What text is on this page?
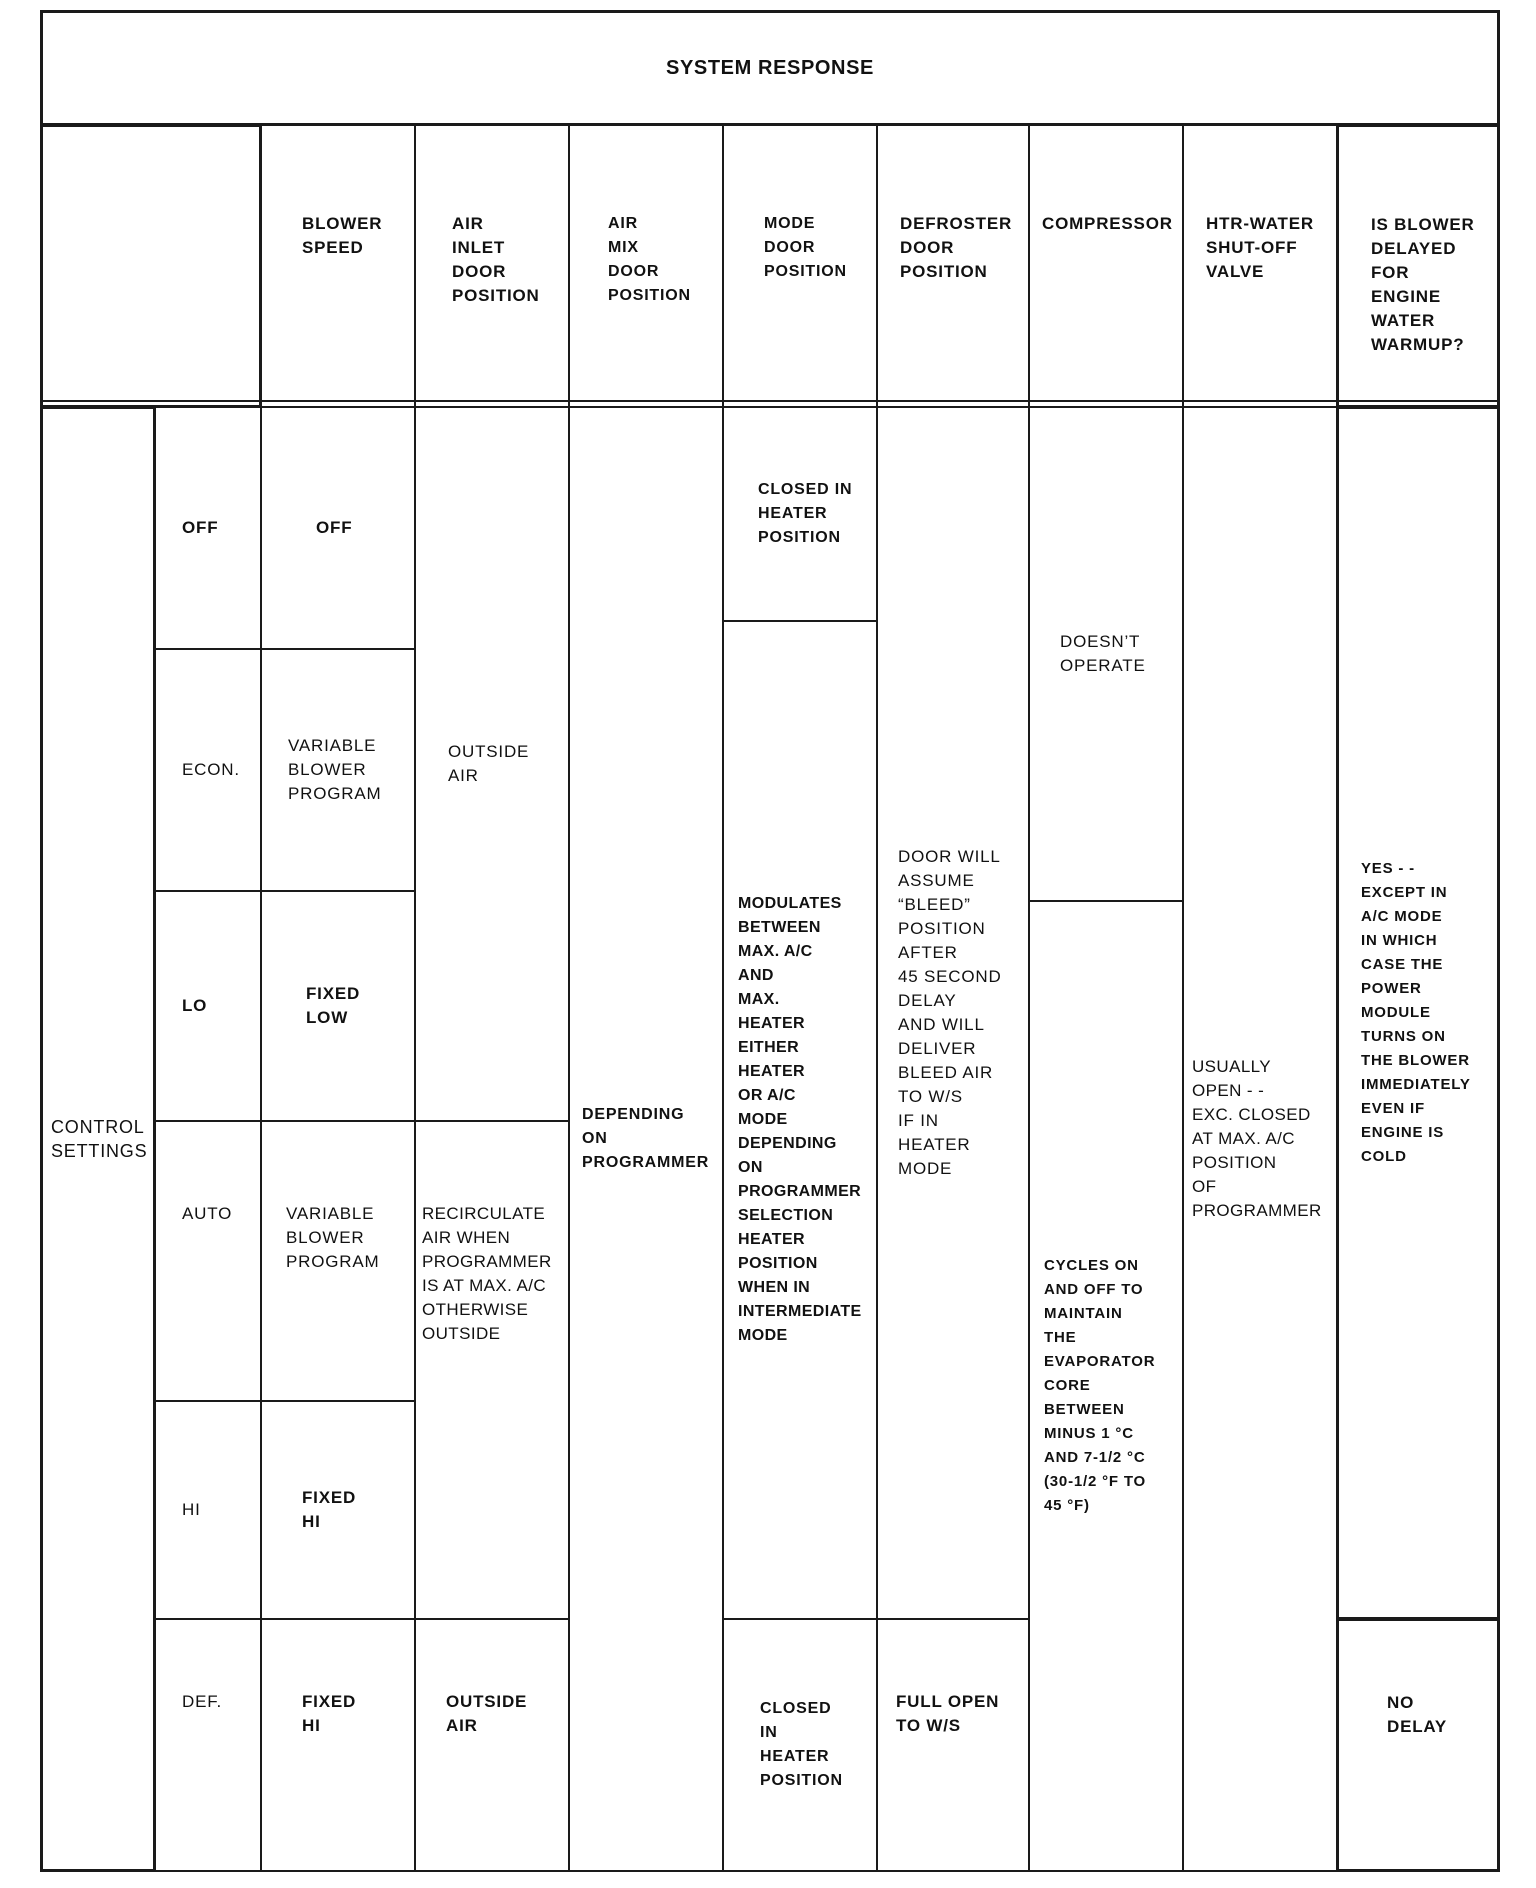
SYSTEM RESPONSE
BLOWER
SPEED
AIR
INLET
DOOR
POSITION
AIR
MIX
DOOR
POSITION
MODE
DOOR
POSITION
DEFROSTER
DOOR
POSITION
COMPRESSOR	HTR-WATER
SHUT-OFF
VALVE
IS BLOWER
DELAYED
FOR
ENGINE
WATER
WARMUP?
CONTROL
SETTINGS
OFF
ECON.
LO
AUTO
HI
DEF.
OFF
VARIABLE
BLOWER
PROGRAM
FIXED
LOW
VARIABLE
BLOWER
PROGRAM
FIXED
HI
FIXED
HI
OUTSIDE
AIR
RECIRCULATE
AIR WHEN
PROGRAMMER
IS AT MAX. A/C
OTHERWISE
OUTSIDE
OUTSIDE
AIR
DEPENDING
ON
PROGRAMMER
CLOSED IN
HEATER
POSITION
MODULATES
BETWEEN
MAX. A/C
AND
MAX.
HEATER
EITHER
HEATER
OR A/C
MODE
DEPENDING
ON
PROGRAMMER
SELECTION
HEATER
POSITION
WHEN IN
INTERMEDIATE
MODE
CLOSED
IN
HEATER
POSITION
DOOR WILL
ASSUME
“BLEED”
POSITION
AFTER
45 SECOND
DELAY
AND WILL
DELIVER
BLEED AIR
TO W/S
IF IN
HEATER
MODE
FULL OPEN
TO W/S
DOESN’T
OPERATE
CYCLES ON
AND OFF TO
MAINTAIN
THE
EVAPORATOR
CORE
BETWEEN
MINUS 1 °C
AND 7-1/2 °C
(30-1/2 °F TO
45 °F)
USUALLY
OPEN - -
EXC. CLOSED
AT MAX. A/C
POSITION
OF
PROGRAMMER
YES - -
EXCEPT IN
A/C MODE
IN WHICH
CASE THE
POWER
MODULE
TURNS ON
THE BLOWER
IMMEDIATELY
EVEN IF
ENGINE IS
COLD
NO
DELAY
